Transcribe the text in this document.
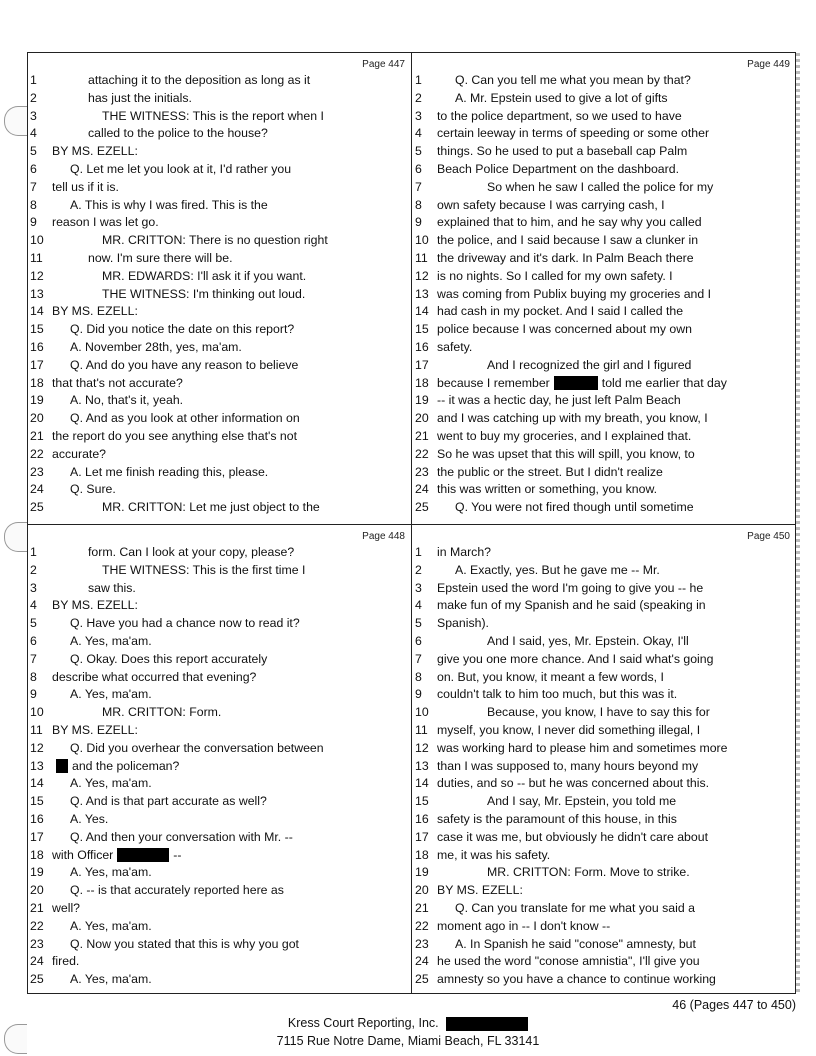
Page 447
1	attaching it to the deposition as long as it
2	has just the initials.
3	THE WITNESS: This is the report when I
4	called to the police to the house?
5	BY MS. EZELL:
6	Q. Let me let you look at it, I'd rather you
7	tell us if it is.
8	A. This is why I was fired. This is the
9	reason I was let go.
10	MR. CRITTON: There is no question right
11	now. I'm sure there will be.
12	MR. EDWARDS: I'll ask it if you want.
13	THE WITNESS: I'm thinking out loud.
14 BY MS. EZELL:
15	Q. Did you notice the date on this report?
16	A. November 28th, yes, ma'am.
17	Q. And do you have any reason to believe
18 that that's not accurate?
19	A. No, that's it, yeah.
20	Q. And as you look at other information on
21 the report do you see anything else that's not
22 accurate?
23	A. Let me finish reading this, please.
24	Q. Sure.
25	MR. CRITTON: Let me just object to the
Page 449
1	Q. Can you tell me what you mean by that?
2	A. Mr. Epstein used to give a lot of gifts
3	to the police department, so we used to have
4	certain leeway in terms of speeding or some other
5	things. So he used to put a baseball cap Palm
6	Beach Police Department on the dashboard.
7	So when he saw I called the police for my
8	own safety because I was carrying cash, I
9	explained that to him, and he say why you called
10 the police, and I said because I saw a clunker in
11 the driveway and it's dark. In Palm Beach there
12 is no nights. So I called for my own safety. I
13 was coming from Publix buying my groceries and I
14 had cash in my pocket. And I said I called the
15 police because I was concerned about my own
16 safety.
17	And I recognized the girl and I figured
18 because I remember	told me earlier that day
19 -- it was a hectic day, he just left Palm Beach
20 and I was catching up with my breath, you know, I
21 went to buy my groceries, and I explained that.
22 So he was upset that this will spill, you know, to
23 the public or the street. But I didn't realize
24 this was written or something, you know.
25	Q. You were not fired though until sometime
Page 448
1	form. Can I look at your copy, please?
2	THE WITNESS: This is the first time I
3	saw this.
4	BY MS. EZELL:
5	Q. Have you had a chance now to read it?
6	A. Yes, ma'am.
7	Q. Okay. Does this report accurately
8	describe what occurred that evening?
9	A. Yes, ma'am.
10	MR. CRITTON: Form.
11 BY MS. EZELL:
12	Q. Did you overhear the conversation between
13	and the policeman?
14	A. Yes, ma'am.
15	Q. And is that part accurate as well?
16	A. Yes.
17	Q. And then your conversation with Mr. --
18 with Officer	--
19	A. Yes, ma'am.
20	Q. -- is that accurately reported here as
21 well?
22	A. Yes, ma'am.
23	Q. Now you stated that this is why you got
24 fired.
25	A. Yes, ma'am.
Page 450
1	in March?
2	A. Exactly, yes. But he gave me -- Mr.
3	Epstein used the word I'm going to give you -- he
4	make fun of my Spanish and he said (speaking in
5	Spanish).
6	And I said, yes, Mr. Epstein. Okay, I'll
7	give you one more chance. And I said what's going
8	on. But, you know, it meant a few words, I
9	couldn't talk to him too much, but this was it.
10	Because, you know, I have to say this for
11 myself, you know, I never did something illegal, I
12 was working hard to please him and sometimes more
13 than I was supposed to, many hours beyond my
14 duties, and so -- but he was concerned about this.
15	And I say, Mr. Epstein, you told me
16 safety is the paramount of this house, in this
17 case it was me, but obviously he didn't care about
18 me, it was his safety.
19	MR. CRITTON: Form. Move to strike.
20 BY MS. EZELL:
21	Q. Can you translate for me what you said a
22 moment ago in -- I don't know --
23	A. In Spanish he said "conose" amnesty, but
24 he used the word "conose amnistia", I'll give you
25 amnesty so you have a chance to continue working
46 (Pages 447 to 450)
Kress Court Reporting, Inc.
7115 Rue Notre Dame, Miami Beach, FL 33141
